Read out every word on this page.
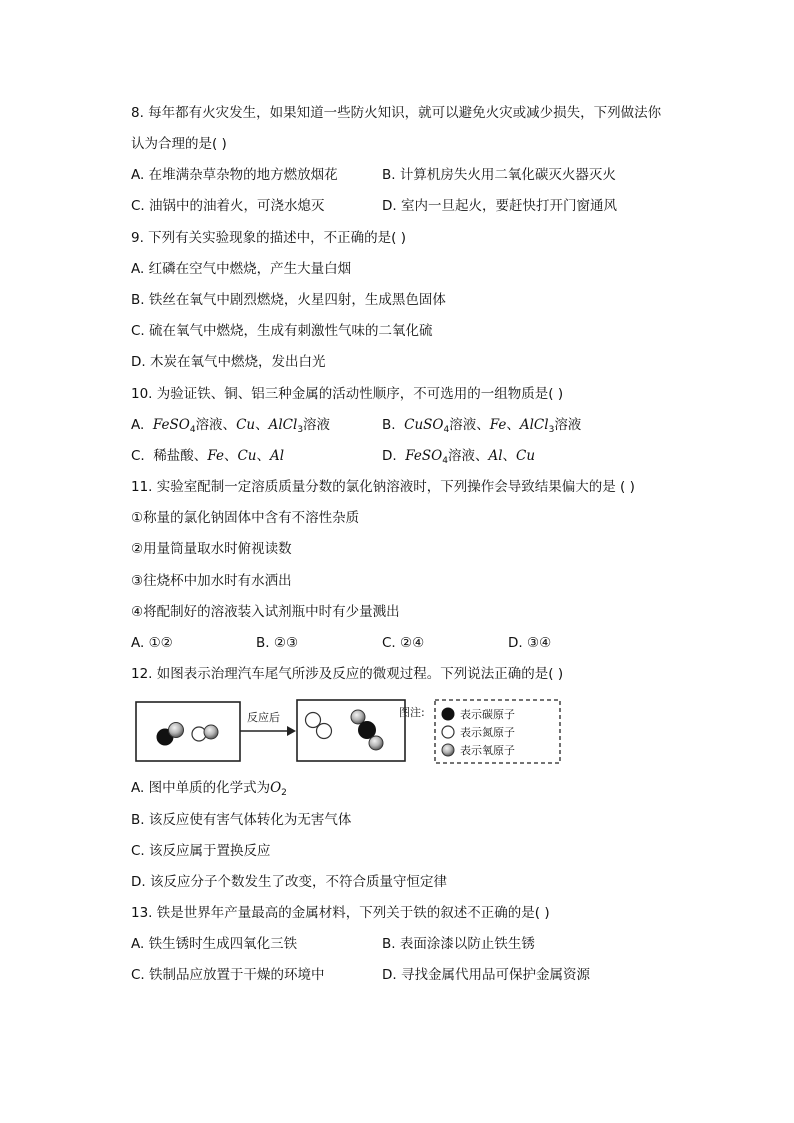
8. 每年都有火灾发生，如果知道一些防火知识，就可以避免火灾或减少损失，下列做法你
认为合理的是( )
A. 在堆满杂草杂物的地方燃放烟花	B. 计算机房失火用二氧化碳灭火器灭火
C. 油锅中的油着火，可浇水熄灭	D. 室内一旦起火，要赶快打开门窗通风
9. 下列有关实验现象的描述中，不正确的是( )
A. 红磷在空气中燃烧，产生大量白烟
B. 铁丝在氧气中剧烈燃烧，火星四射，生成黑色固体
C. 硫在氧气中燃烧，生成有刺激性气味的二氧化硫
D. 木炭在氧气中燃烧，发出白光
10. 为验证铁、铜、铝三种金属的活动性顺序，不可选用的一组物质是( )
A. FeSO$_4$溶液、Cu、AlCl$_3$溶液	B. CuSO$_4$溶液、Fe、AlCl$_3$溶液
C. 稀盐酸、Fe、Cu、Al	D. FeSO$_4$溶液、Al、Cu
11. 实验室配制一定溶质质量分数的氯化钠溶液时，下列操作会导致结果偏大的是 ( )
①称量的氯化钠固体中含有不溶性杂质
②用量筒量取水时俯视读数
③往烧杯中加水时有水洒出
④将配制好的溶液装入试剂瓶中时有少量溅出
A. ①②	B. ②③	C. ②④	D. ③④
12. 如图表示治理汽车尾气所涉及反应的微观过程。下列说法正确的是( )
反应后	表示碳原子
表示氮原子
表示氧原子
图注:
A. 图中单质的化学式为$O_2$
B. 该反应使有害气体转化为无害气体
C. 该反应属于置换反应
D. 该反应分子个数发生了改变，不符合质量守恒定律
13. 铁是世界年产量最高的金属材料，下列关于铁的叙述不正确的是( )
A. 铁生锈时生成四氧化三铁	B. 表面涂漆以防止铁生锈
C. 铁制品应放置于干燥的环境中	D. 寻找金属代用品可保护金属资源
